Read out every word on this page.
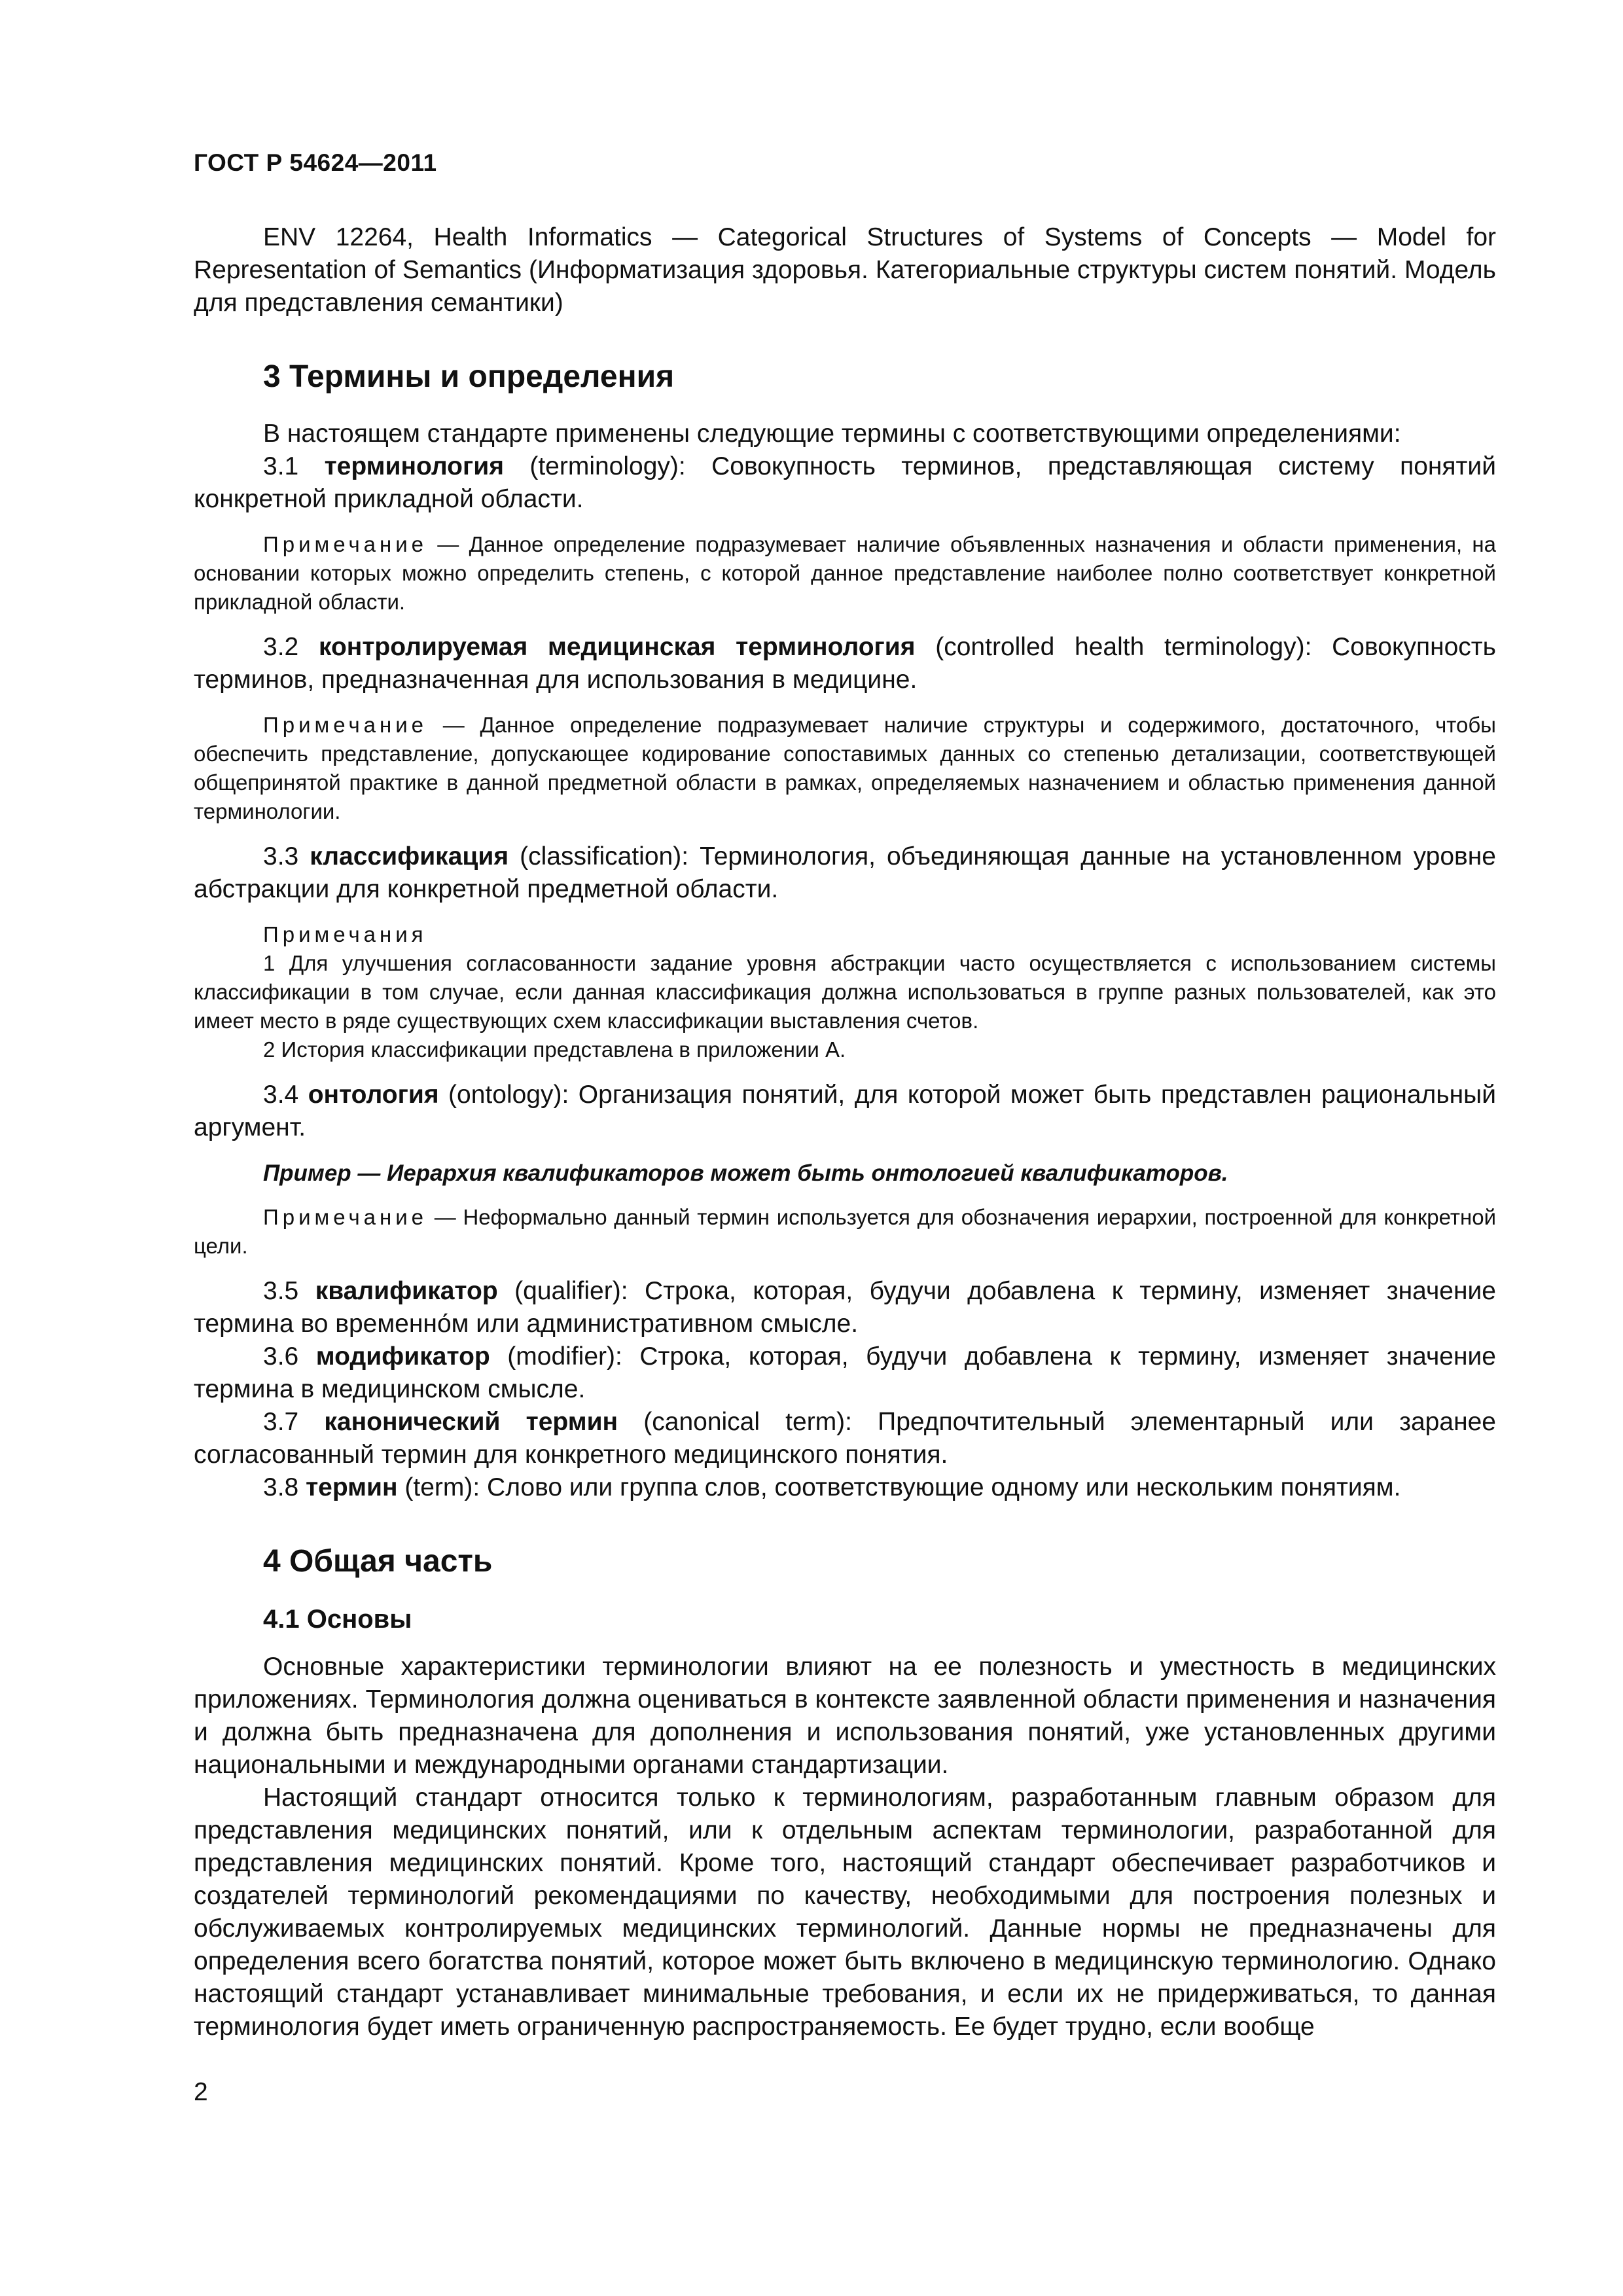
ГОСТ Р 54624—2011

ENV 12264, Health Informatics — Categorical Structures of Systems of Concepts — Model for Representation of Semantics (Информатизация здоровья. Категориальные структуры систем понятий. Модель для представления семантики)

3 Термины и определения

В настоящем стандарте применены следующие термины с соответствующими определениями:

3.1 терминология (terminology): Совокупность терминов, представляющая систему понятий конкретной прикладной области.

Примечание — Данное определение подразумевает наличие объявленных назначения и области применения, на основании которых можно определить степень, с которой данное представление наиболее полно соответствует конкретной прикладной области.

3.2 контролируемая медицинская терминология (controlled health terminology): Совокупность терминов, предназначенная для использования в медицине.

Примечание — Данное определение подразумевает наличие структуры и содержимого, достаточного, чтобы обеспечить представление, допускающее кодирование сопоставимых данных со степенью детализации, соответствующей общепринятой практике в данной предметной области в рамках, определяемых назначением и областью применения данной терминологии.

3.3 классификация (classification): Терминология, объединяющая данные на установленном уровне абстракции для конкретной предметной области.

Примечания
1 Для улучшения согласованности задание уровня абстракции часто осуществляется с использованием системы классификации в том случае, если данная классификация должна использоваться в группе разных пользователей, как это имеет место в ряде существующих схем классификации выставления счетов.
2 История классификации представлена в приложении А.

3.4 онтология (ontology): Организация понятий, для которой может быть представлен рациональный аргумент.

Пример — Иерархия квалификаторов может быть онтологией квалификаторов.
Примечание — Неформально данный термин используется для обозначения иерархии, построенной для конкретной цели.

3.5 квалификатор (qualifier): Строка, которая, будучи добавлена к термину, изменяет значение термина во временно́м или административном смысле.

3.6 модификатор (modifier): Строка, которая, будучи добавлена к термину, изменяет значение термина в медицинском смысле.

3.7 канонический термин (canonical term): Предпочтительный элементарный или заранее согласованный термин для конкретного медицинского понятия.

3.8 термин (term): Слово или группа слов, соответствующие одному или нескольким понятиям.

4 Общая часть
4.1 Основы

Основные характеристики терминологии влияют на ее полезность и уместность в медицинских приложениях. Терминология должна оцениваться в контексте заявленной области применения и назначения и должна быть предназначена для дополнения и использования понятий, уже установленных другими национальными и международными органами стандартизации.

Настоящий стандарт относится только к терминологиям, разработанным главным образом для представления медицинских понятий, или к отдельным аспектам терминологии, разработанной для представления медицинских понятий. Кроме того, настоящий стандарт обеспечивает разработчиков и создателей терминологий рекомендациями по качеству, необходимыми для построения полезных и обслуживаемых контролируемых медицинских терминологий. Данные нормы не предназначены для определения всего богатства понятий, которое может быть включено в медицинскую терминологию. Однако настоящий стандарт устанавливает минимальные требования, и если их не придерживаться, то данная терминология будет иметь ограниченную распространяемость. Ее будет трудно, если вообще

2
